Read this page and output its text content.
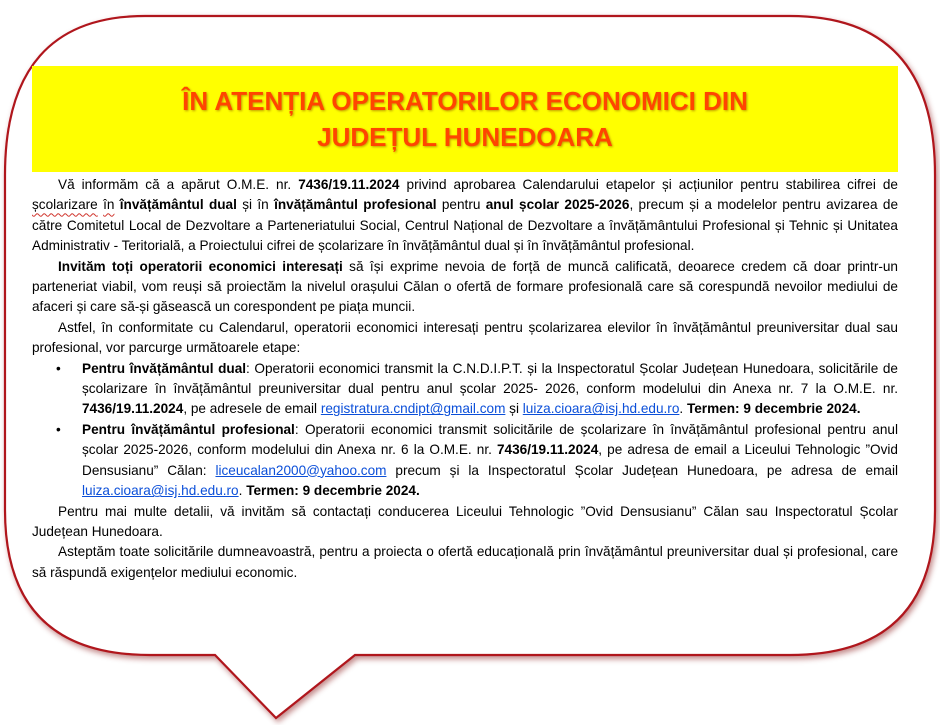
ÎN ATENȚIA OPERATORILOR ECONOMICI DIN JUDEȚUL HUNEDOARA

Vă informăm că a apărut O.M.E. nr. 7436/19.11.2024 privind aprobarea Calendarului etapelor și acțiunilor pentru stabilirea cifrei de școlarizare în învățământul dual și în învățământul profesional pentru anul școlar 2025-2026, precum și a modelelor pentru avizarea de către Comitetul Local de Dezvoltare a Parteneriatului Social, Centrul Național de Dezvoltare a învățământului Profesional și Tehnic și Unitatea Administrativ - Teritorială, a Proiectului cifrei de școlarizare în învățământul dual și în învățământul profesional.

Invităm toți operatorii economici interesați să își exprime nevoia de forță de muncă calificată, deoarece credem că doar printr-un parteneriat viabil, vom reuși să proiectăm la nivelul orașului Călan o ofertă de formare profesională care să corespundă nevoilor mediului de afaceri și care să-și găsească un corespondent pe piața muncii.

Astfel, în conformitate cu Calendarul, operatorii economici interesați pentru școlarizarea elevilor în învățământul preuniversitar dual sau profesional, vor parcurge următoarele etape:

• Pentru învățământul dual: Operatorii economici transmit la C.N.D.I.P.T. și la Inspectoratul Școlar Județean Hunedoara, solicitările de școlarizare în învățământul preuniversitar dual pentru anul școlar 2025- 2026, conform modelului din Anexa nr. 7 la O.M.E. nr. 7436/19.11.2024, pe adresele de email registratura.cndipt@gmail.com și luiza.cioara@isj.hd.edu.ro. Termen: 9 decembrie 2024.
• Pentru învățământul profesional: Operatorii economici transmit solicitările de școlarizare în învățământul profesional pentru anul școlar 2025-2026, conform modelului din Anexa nr. 6 la O.M.E. nr. 7436/19.11.2024, pe adresa de email a Liceului Tehnologic ”Ovid Densusianu” Călan: liceucalan2000@yahoo.com precum și la Inspectoratul Școlar Județean Hunedoara, pe adresa de email luiza.cioara@isj.hd.edu.ro. Termen: 9 decembrie 2024.

Pentru mai multe detalii, vă invităm să contactați conducerea Liceului Tehnologic ”Ovid Densusianu” Călan sau Inspectoratul Școlar Județean Hunedoara.

Asteptăm toate solicitările dumneavoastră, pentru a proiecta o ofertă educațională prin învățământul preuniversitar dual și profesional, care să răspundă exigențelor mediului economic.
